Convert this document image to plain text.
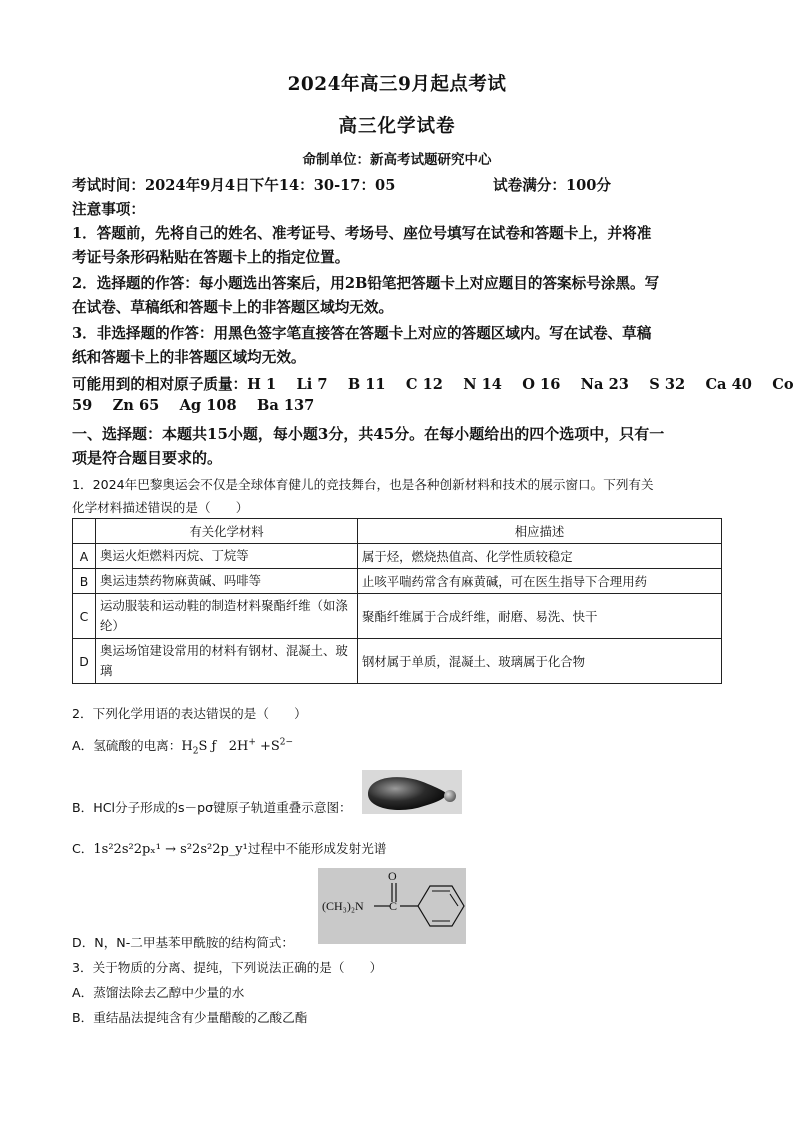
2024年高三9月起点考试
高三化学试卷
命制单位：新高考试题研究中心
考试时间：2024年9月4日下午14：30-17：05	试卷满分：100分
注意事项：
1．答题前，先将自己的姓名、准考证号、考场号、座位号填写在试卷和答题卡上，并将准
考证号条形码粘贴在答题卡上的指定位置。
2．选择题的作答：每小题选出答案后，用2B铅笔把答题卡上对应题目的答案标号涂黑。写
在试卷、草稿纸和答题卡上的非答题区域均无效。
3．非选择题的作答：用黑色签字笔直接答在答题卡上对应的答题区域内。写在试卷、草稿
纸和答题卡上的非答题区域均无效。
可能用到的相对原子质量：H 1    Li 7    B 11    C 12    N 14    O 16    Na 23    S 32    Ca 40    Co
59    Zn 65    Ag 108    Ba 137
一、选择题：本题共15小题，每小题3分，共45分。在每小题给出的四个选项中，只有一
项是符合题目要求的。
1．2024年巴黎奥运会不仅是全球体育健儿的竞技舞台，也是各种创新材料和技术的展示窗口。下列有关
化学材料描述错误的是（　　）
	有关化学材料	相应描述
A	奥运火炬燃料丙烷、丁烷等	属于烃，燃烧热值高、化学性质较稳定
B	奥运违禁药物麻黄碱、吗啡等	止咳平喘药常含有麻黄碱，可在医生指导下合理用药
C	运动服装和运动鞋的制造材料聚酯纤维（如涤纶）	聚酯纤维属于合成纤维，耐磨、易洗、快干
D	奥运场馆建设常用的材料有钢材、混凝土、玻璃	钢材属于单质，混凝土、玻璃属于化合物
2．下列化学用语的表达错误的是（　　）
A．氢硫酸的电离：$H_2S$ ƒ   $2H^+ +S^{2-}$
B．HCl分子形成的s－pσ键原子轨道重叠示意图：
C．1s²2s²2pₓ¹ → s²2s²2p_y¹过程中不能形成发射光谱
O
(CH₃)₂N C
D．N，N-二甲基苯甲酰胺的结构简式：
3．关于物质的分离、提纯，下列说法正确的是（　　）
A．蒸馏法除去乙醇中少量的水
B．重结晶法提纯含有少量醋酸的乙酸乙酯
